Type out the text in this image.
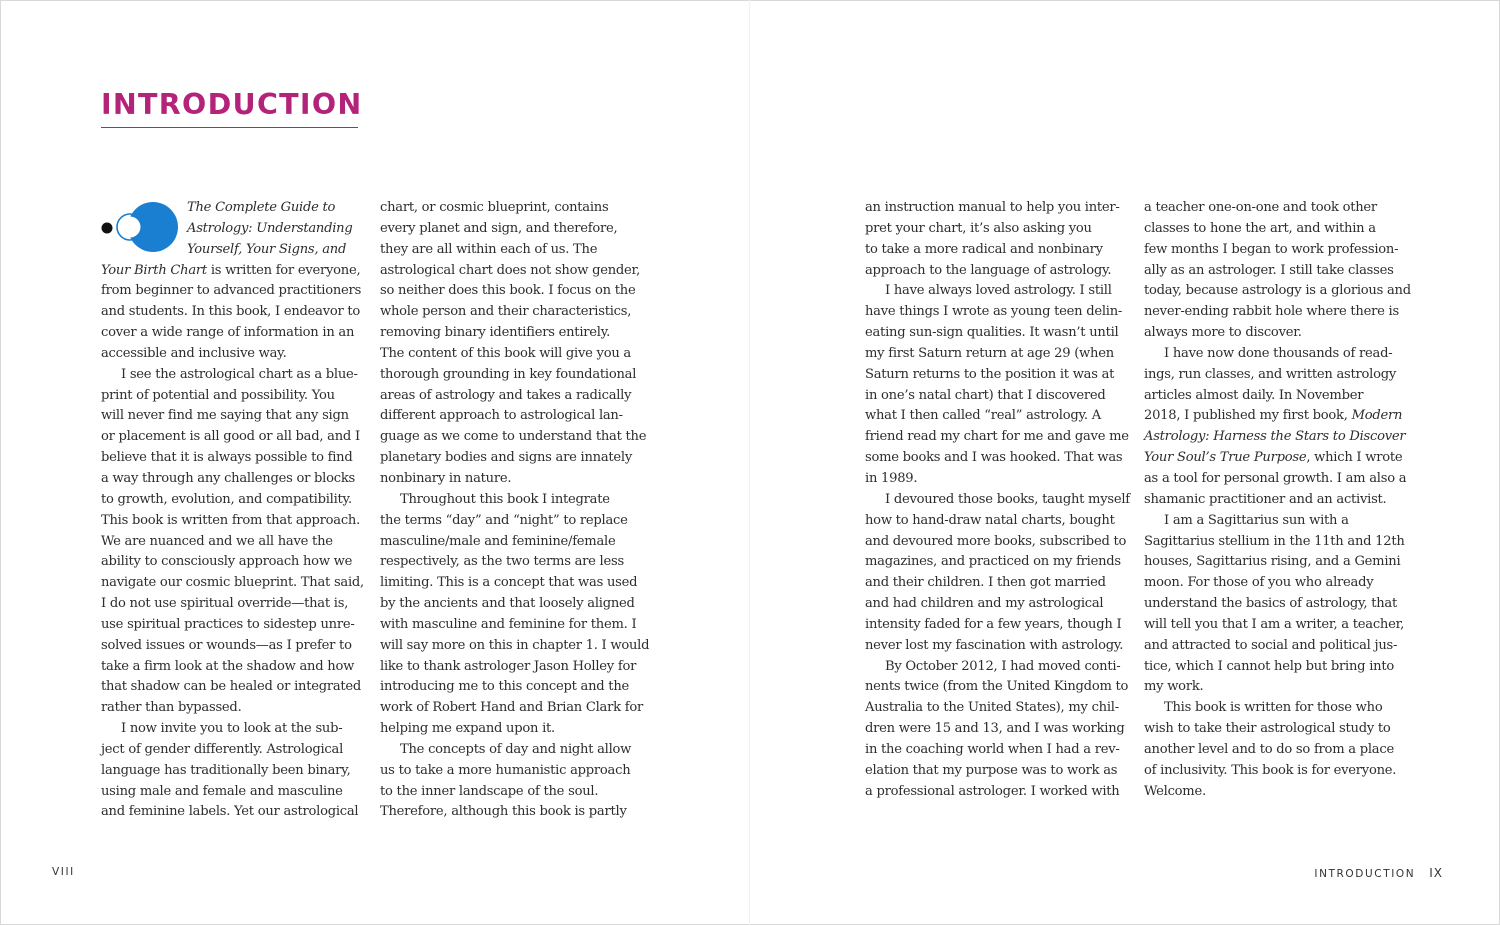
INTRODUCTION
The Complete Guide to
Astrology: Understanding
Yourself, Your Signs, and
Your Birth Chart is written for everyone,
from beginner to advanced practitioners
and students. In this book, I endeavor to
cover a wide range of information in an
accessible and inclusive way.
I see the astrological chart as a blue-
print of potential and possibility. You
will never find me saying that any sign
or placement is all good or all bad, and I
believe that it is always possible to find
a way through any challenges or blocks
to growth, evolution, and compatibility.
This book is written from that approach.
We are nuanced and we all have the
ability to consciously approach how we
navigate our cosmic blueprint. That said,
I do not use spiritual override—that is,
use spiritual practices to sidestep unre-
solved issues or wounds—as I prefer to
take a firm look at the shadow and how
that shadow can be healed or integrated
rather than bypassed.
I now invite you to look at the sub-
ject of gender differently. Astrological
language has traditionally been binary,
using male and female and masculine
and feminine labels. Yet our astrological
chart, or cosmic blueprint, contains
every planet and sign, and therefore,
they are all within each of us. The
astrological chart does not show gender,
so neither does this book. I focus on the
whole person and their characteristics,
removing binary identifiers entirely.
The content of this book will give you a
thorough grounding in key foundational
areas of astrology and takes a radically
different approach to astrological lan-
guage as we come to understand that the
planetary bodies and signs are innately
nonbinary in nature.
Throughout this book I integrate
the terms “day” and “night” to replace
masculine/male and feminine/female
respectively, as the two terms are less
limiting. This is a concept that was used
by the ancients and that loosely aligned
with masculine and feminine for them. I
will say more on this in chapter 1. I would
like to thank astrologer Jason Holley for
introducing me to this concept and the
work of Robert Hand and Brian Clark for
helping me expand upon it.
The concepts of day and night allow
us to take a more humanistic approach
to the inner landscape of the soul.
Therefore, although this book is partly
an instruction manual to help you inter-
pret your chart, it’s also asking you
to take a more radical and nonbinary
approach to the language of astrology.
I have always loved astrology. I still
have things I wrote as young teen delin-
eating sun-sign qualities. It wasn’t until
my first Saturn return at age 29 (when
Saturn returns to the position it was at
in one’s natal chart) that I discovered
what I then called “real” astrology. A
friend read my chart for me and gave me
some books and I was hooked. That was
in 1989.
I devoured those books, taught myself
how to hand-draw natal charts, bought
and devoured more books, subscribed to
magazines, and practiced on my friends
and their children. I then got married
and had children and my astrological
intensity faded for a few years, though I
never lost my fascination with astrology.
By October 2012, I had moved conti-
nents twice (from the United Kingdom to
Australia to the United States), my chil-
dren were 15 and 13, and I was working
in the coaching world when I had a rev-
elation that my purpose was to work as
a professional astrologer. I worked with
a teacher one-on-one and took other
classes to hone the art, and within a
few months I began to work profession-
ally as an astrologer. I still take classes
today, because astrology is a glorious and
never-ending rabbit hole where there is
always more to discover.
I have now done thousands of read-
ings, run classes, and written astrology
articles almost daily. In November
2018, I published my first book, Modern
Astrology: Harness the Stars to Discover
Your Soul’s True Purpose, which I wrote
as a tool for personal growth. I am also a
shamanic practitioner and an activist.
I am a Sagittarius sun with a
Sagittarius stellium in the 11th and 12th
houses, Sagittarius rising, and a Gemini
moon. For those of you who already
understand the basics of astrology, that
will tell you that I am a writer, a teacher,
and attracted to social and political jus-
tice, which I cannot help but bring into
my work.
This book is written for those who
wish to take their astrological study to
another level and to do so from a place
of inclusivity. This book is for everyone.
Welcome.
VIII	INTRODUCTION IX
